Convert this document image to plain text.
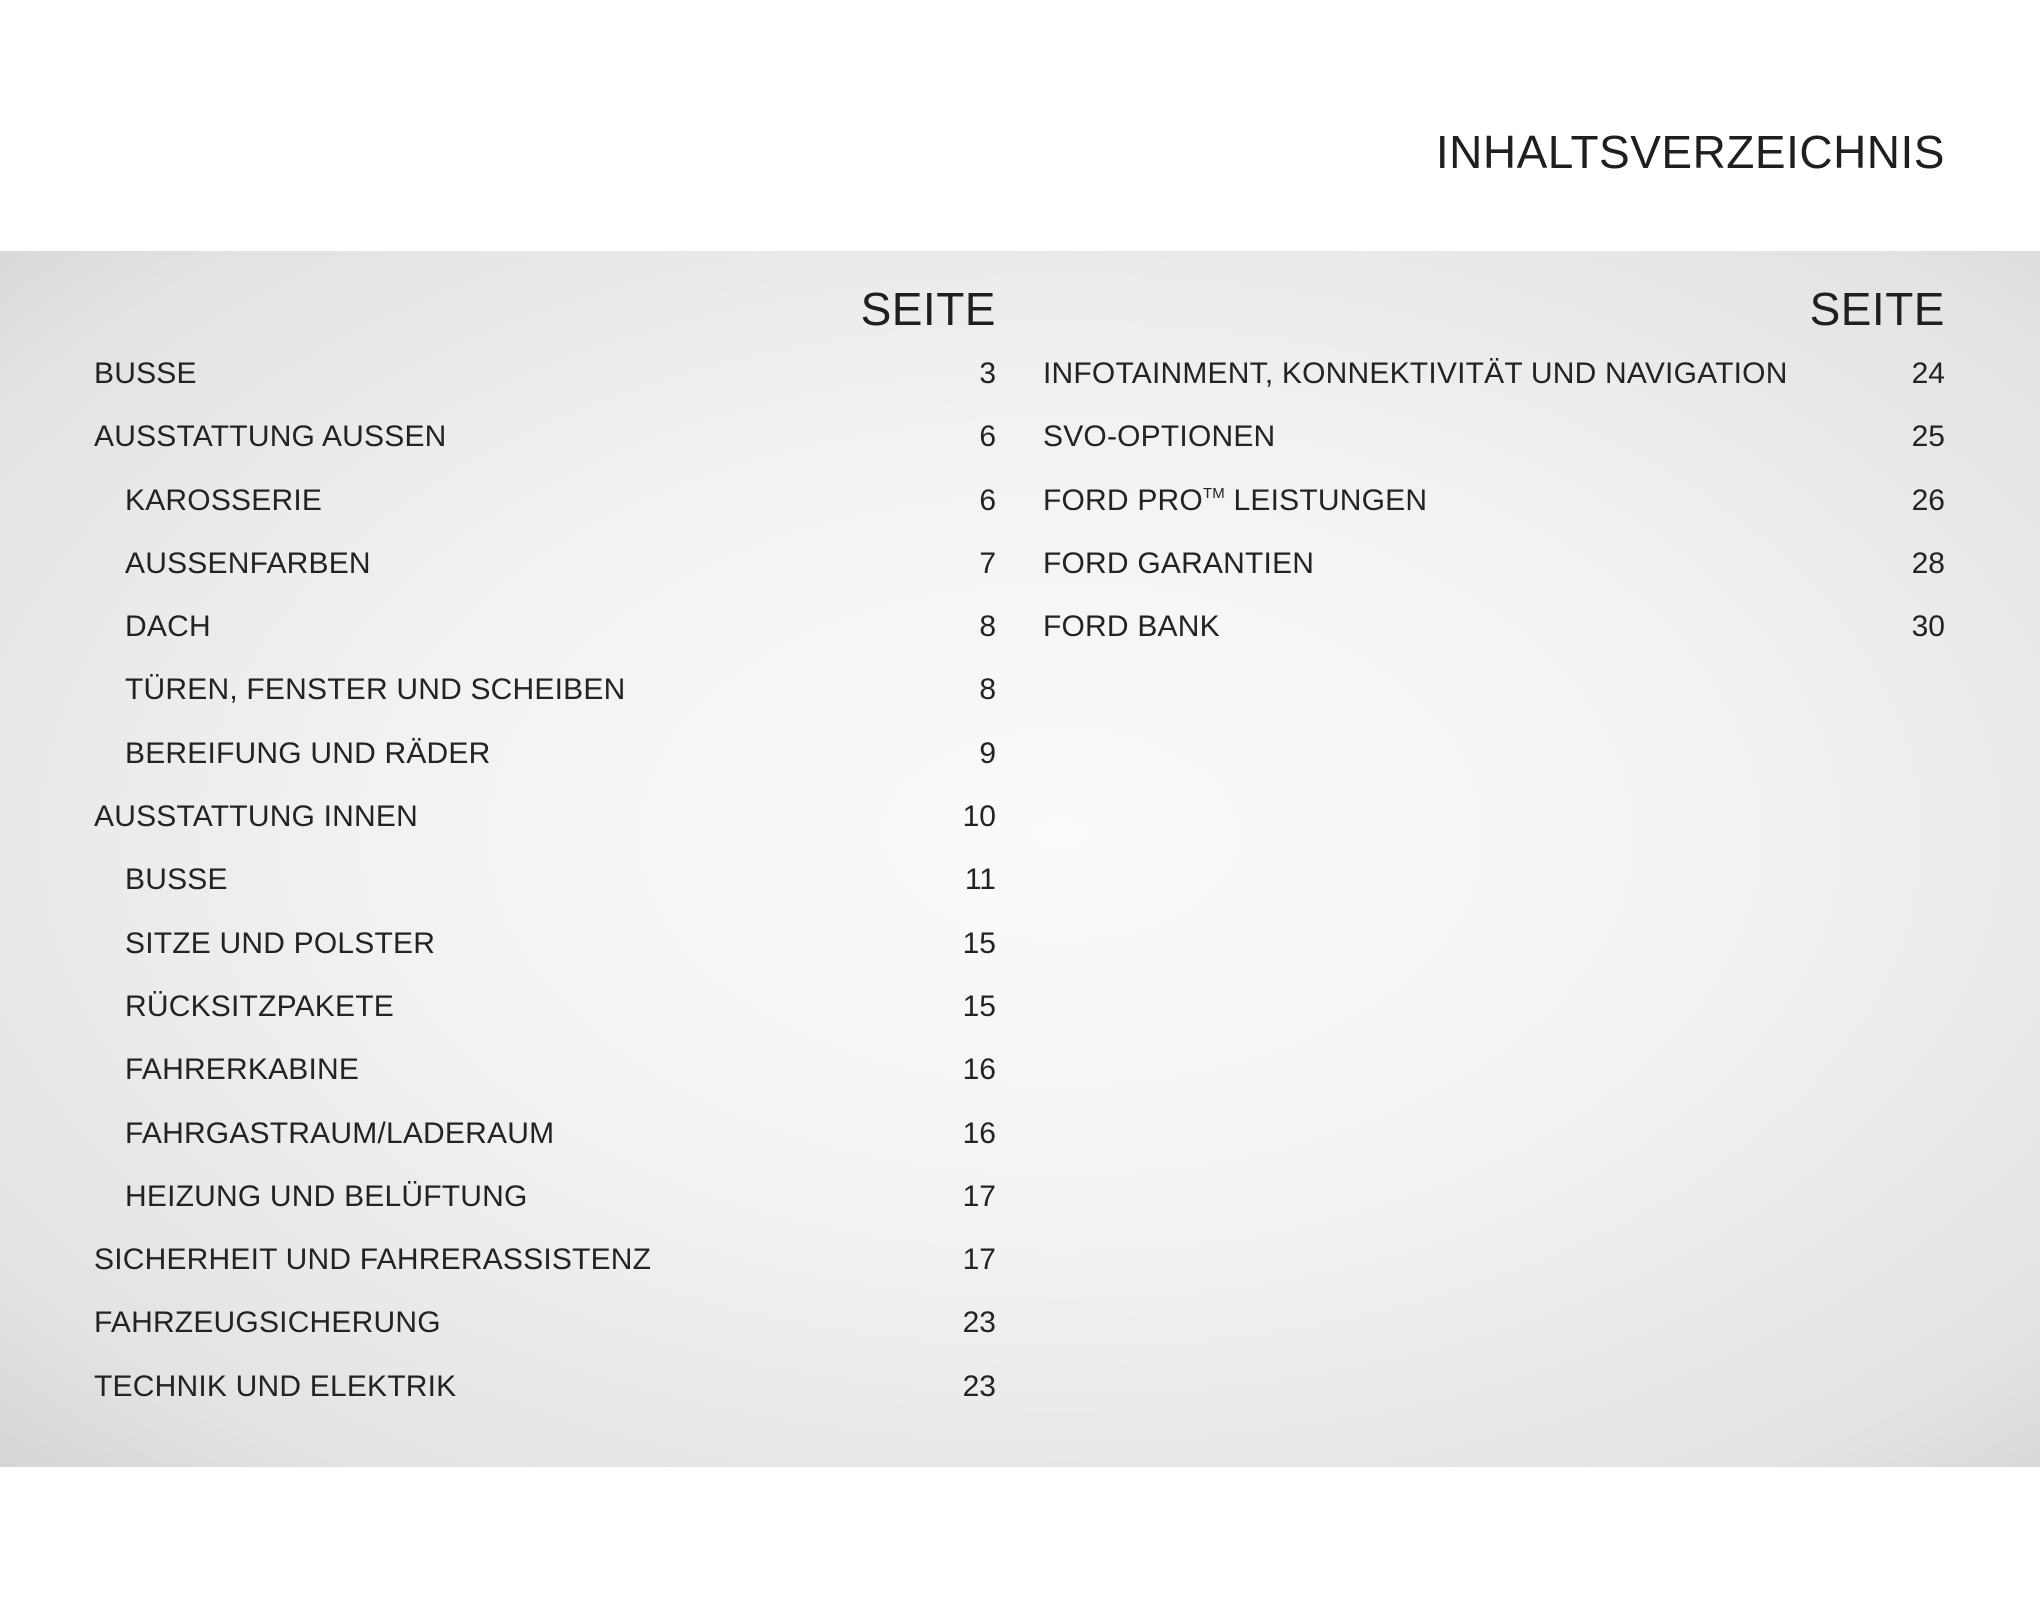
INHALTSVERZEICHNIS
SEITE
BUSSE	3
AUSSTATTUNG AUSSEN	6
KAROSSERIE	6
AUSSENFARBEN	7
DACH	8
TÜREN, FENSTER UND SCHEIBEN	8
BEREIFUNG UND RÄDER	9
AUSSTATTUNG INNEN	10
BUSSE	11
SITZE UND POLSTER	15
RÜCKSITZPAKETE	15
FAHRERKABINE	16
FAHRGASTRAUM/LADERAUM	16
HEIZUNG UND BELÜFTUNG	17
SICHERHEIT UND FAHRERASSISTENZ	17
FAHRZEUGSICHERUNG	23
TECHNIK UND ELEKTRIK	23
SEITE
INFOTAINMENT, KONNEKTIVITÄT UND NAVIGATION	24
SVO-OPTIONEN	25
FORD PRO™ LEISTUNGEN	26
FORD GARANTIEN	28
FORD BANK	30
